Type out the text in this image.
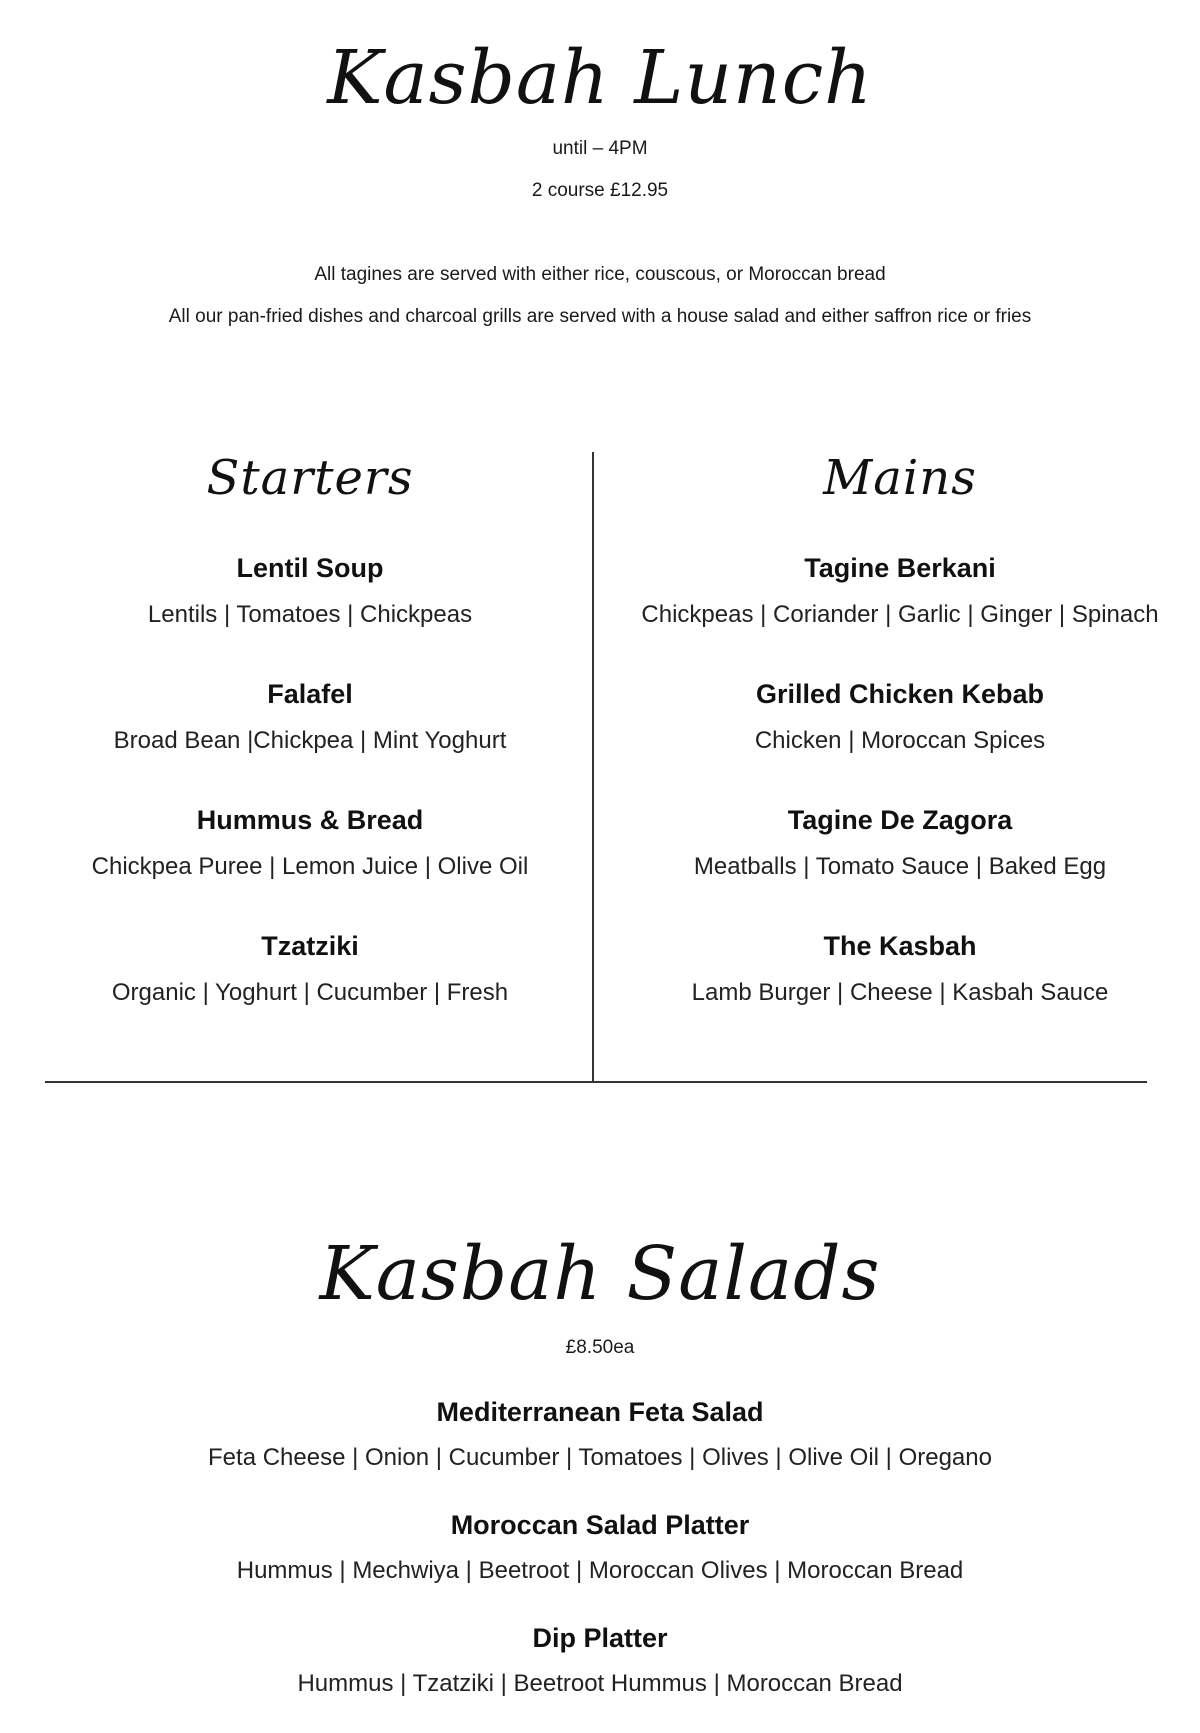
Kasbah Lunch
until – 4PM
2 course £12.95
All tagines are served with either rice, couscous, or Moroccan bread
All our pan-fried dishes and charcoal grills are served with a house salad and either saffron rice or fries
Starters
Lentil Soup
Lentils | Tomatoes | Chickpeas
Falafel
Broad Bean |Chickpea | Mint Yoghurt
Hummus & Bread
Chickpea Puree | Lemon Juice | Olive Oil
Tzatziki
Organic | Yoghurt | Cucumber | Fresh
Mains
Tagine Berkani
Chickpeas | Coriander | Garlic | Ginger | Spinach
Grilled Chicken Kebab
Chicken | Moroccan Spices
Tagine De Zagora
Meatballs | Tomato Sauce | Baked Egg
The Kasbah
Lamb Burger | Cheese | Kasbah Sauce
Kasbah Salads
£8.50ea
Mediterranean Feta Salad
Feta Cheese | Onion | Cucumber | Tomatoes | Olives | Olive Oil | Oregano
Moroccan Salad Platter
Hummus | Mechwiya | Beetroot | Moroccan Olives | Moroccan Bread
Dip Platter
Hummus | Tzatziki | Beetroot Hummus | Moroccan Bread
